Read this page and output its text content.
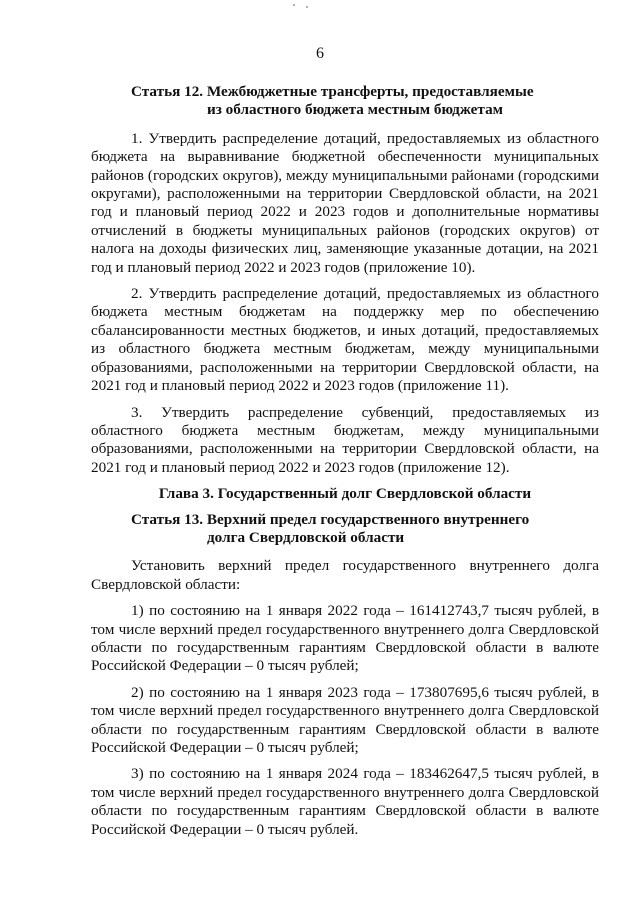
6
Статья 12. Межбюджетные трансферты, предоставляемые
из областного бюджета местным бюджетам

1. Утвердить распределение дотаций, предоставляемых из областного бюджета на выравнивание бюджетной обеспеченности муниципальных районов (городских округов), между муниципальными районами (городскими округами), расположенными на территории Свердловской области, на 2021 год и плановый период 2022 и 2023 годов и дополнительные нормативы отчислений в бюджеты муниципальных районов (городских округов) от налога на доходы физических лиц, заменяющие указанные дотации, на 2021 год и плановый период 2022 и 2023 годов (приложение 10).

2. Утвердить распределение дотаций, предоставляемых из областного бюджета местным бюджетам на поддержку мер по обеспечению сбалансированности местных бюджетов, и иных дотаций, предоставляемых из областного бюджета местным бюджетам, между муниципальными образованиями, расположенными на территории Свердловской области, на 2021 год и плановый период 2022 и 2023 годов (приложение 11).

3. Утвердить распределение субвенций, предоставляемых из областного бюджета местным бюджетам, между муниципальными образованиями, расположенными на территории Свердловской области, на 2021 год и плановый период 2022 и 2023 годов (приложение 12).

Глава 3. Государственный долг Свердловской области
Статья 13. Верхний предел государственного внутреннего
долга Свердловской области

Установить верхний предел государственного внутреннего долга Свердловской области:

1) по состоянию на 1 января 2022 года – 161412743,7 тысяч рублей, в том числе верхний предел государственного внутреннего долга Свердловской области по государственным гарантиям Свердловской области в валюте Российской Федерации – 0 тысяч рублей;

2) по состоянию на 1 января 2023 года – 173807695,6 тысяч рублей, в том числе верхний предел государственного внутреннего долга Свердловской области по государственным гарантиям Свердловской области в валюте Российской Федерации – 0 тысяч рублей;

3) по состоянию на 1 января 2024 года – 183462647,5 тысяч рублей, в том числе верхний предел государственного внутреннего долга Свердловской области по государственным гарантиям Свердловской области в валюте Российской Федерации – 0 тысяч рублей.
